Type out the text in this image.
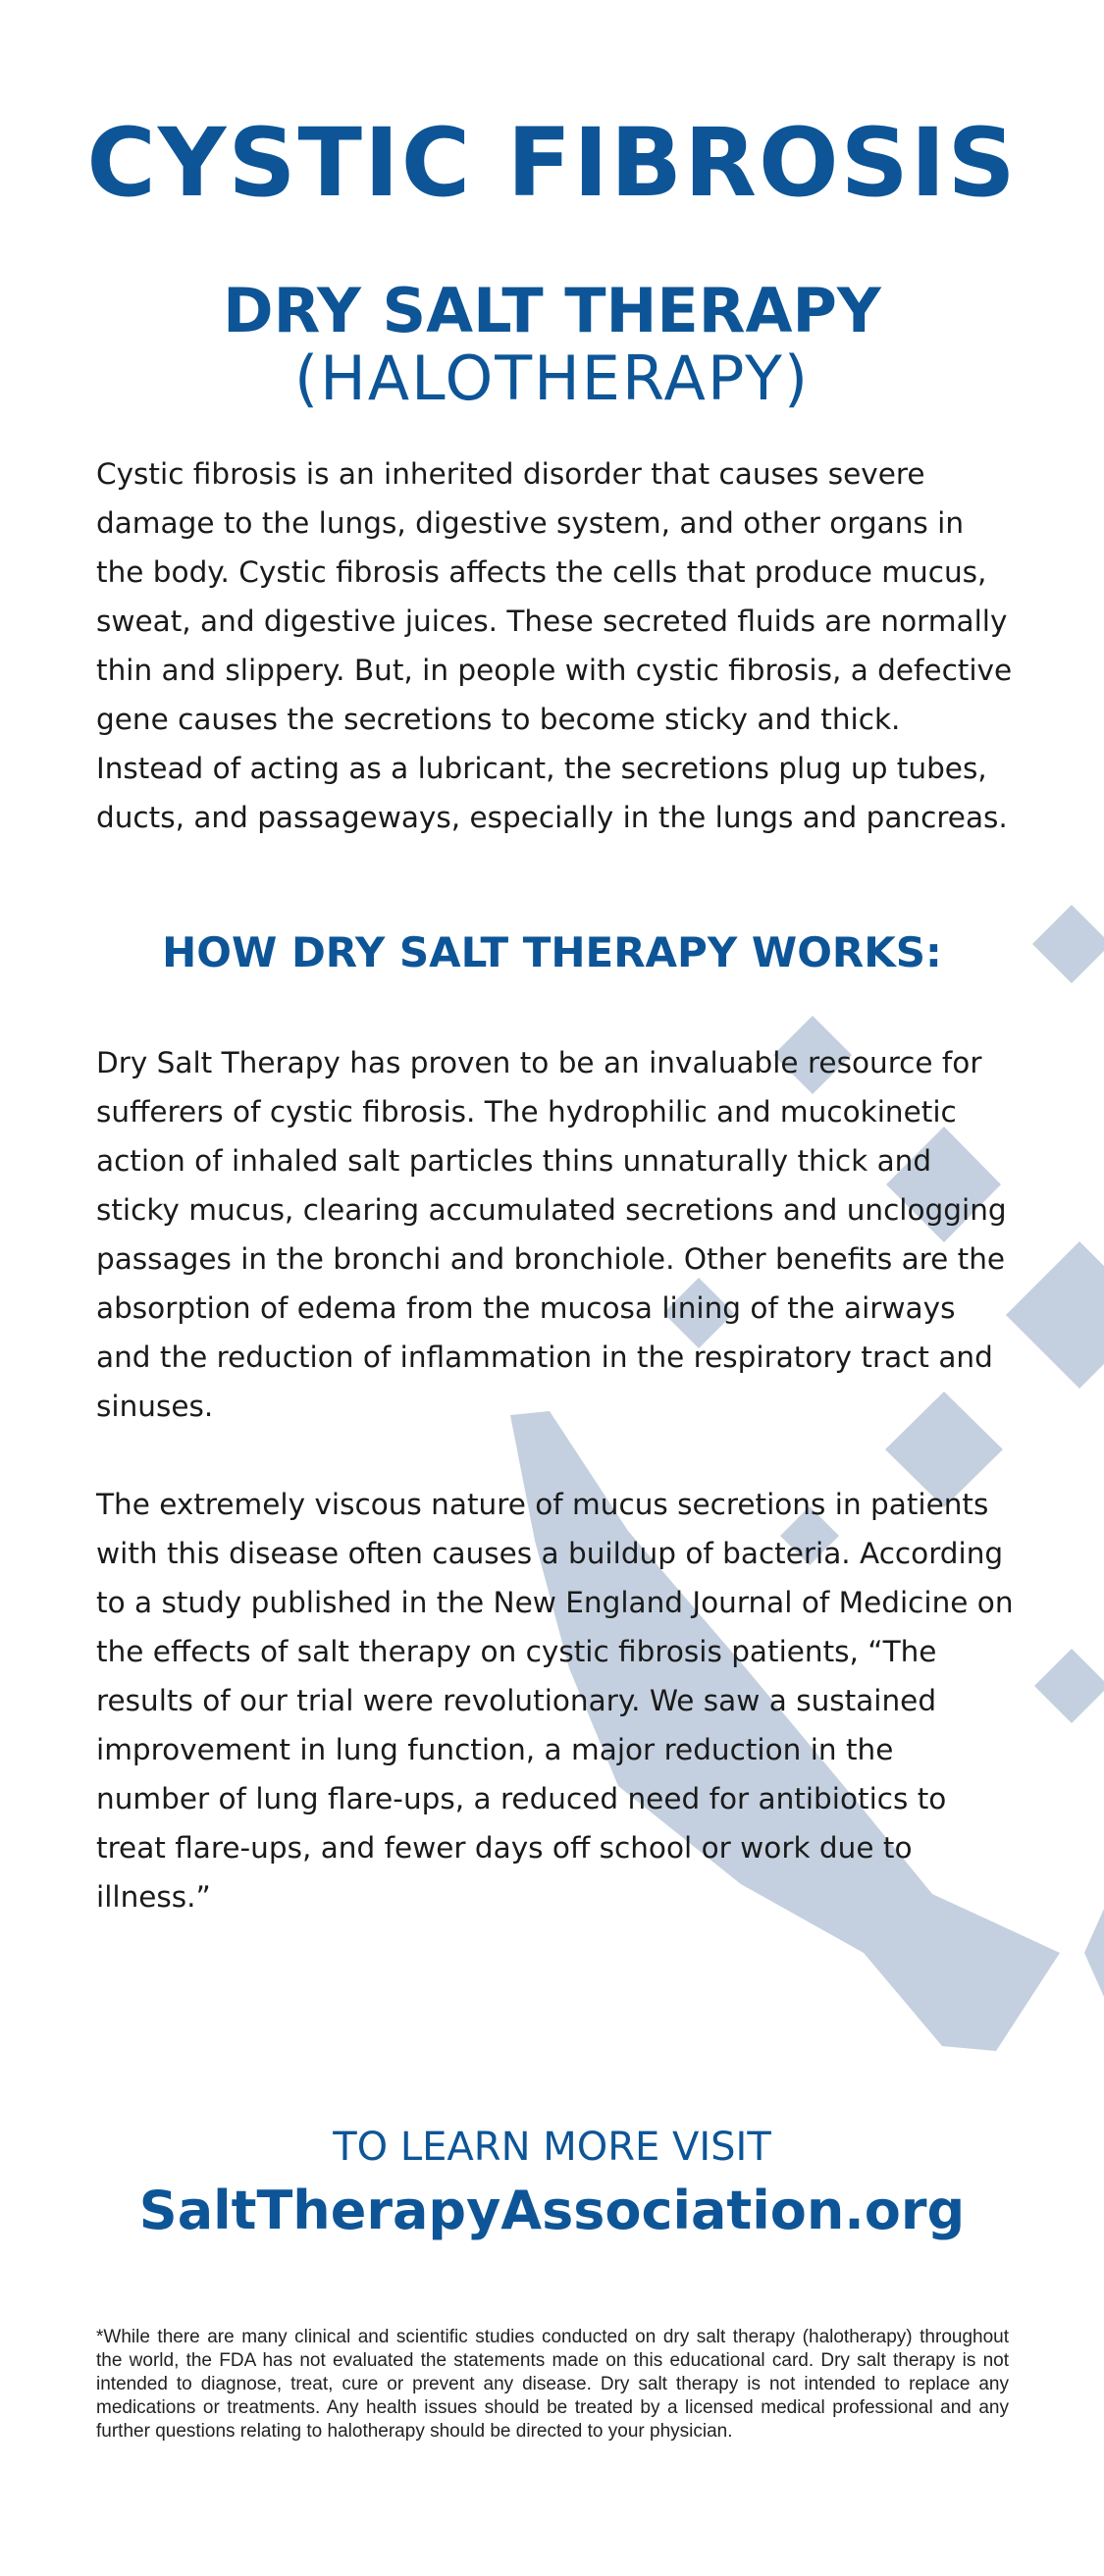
CYSTIC FIBROSIS
DRY SALT THERAPY
(HALOTHERAPY)

Cystic fibrosis is an inherited disorder that causes severe damage to the lungs, digestive system, and other organs in the body. Cystic fibrosis affects the cells that produce mucus, sweat, and digestive juices. These secreted fluids are normally thin and slippery. But, in people with cystic fibrosis, a defective gene causes the secretions to become sticky and thick. Instead of acting as a lubricant, the secretions plug up tubes, ducts, and passageways, especially in the lungs and pancreas.

HOW DRY SALT THERAPY WORKS:

Dry Salt Therapy has proven to be an invaluable resource for sufferers of cystic fibrosis. The hydrophilic and mucokinetic action of inhaled salt particles thins unnaturally thick and sticky mucus, clearing accumulated secretions and unclogging passages in the bronchi and bronchiole. Other benefits are the absorption of edema from the mucosa lining of the airways and the reduction of inflammation in the respiratory tract and sinuses.

The extremely viscous nature of mucus secretions in patients with this disease often causes a buildup of bacteria. According to a study published in the New England Journal of Medicine on the effects of salt therapy on cystic fibrosis patients, “The results of our trial were revolutionary. We saw a sustained improvement in lung function, a major reduction in the number of lung flare-ups, a reduced need for antibiotics to treat flare-ups, and fewer days off school or work due to illness.”

TO LEARN MORE VISIT
SaltTherapyAssociation.org

*While there are many clinical and scientific studies conducted on dry salt therapy (halotherapy) throughout the world, the FDA has not evaluated the statements made on this educational card. Dry salt therapy is not intended to diagnose, treat, cure or prevent any disease. Dry salt therapy is not intended to replace any medications or treatments. Any health issues should be treated by a licensed medical professional and any further questions relating to halotherapy should be directed to your physician.
